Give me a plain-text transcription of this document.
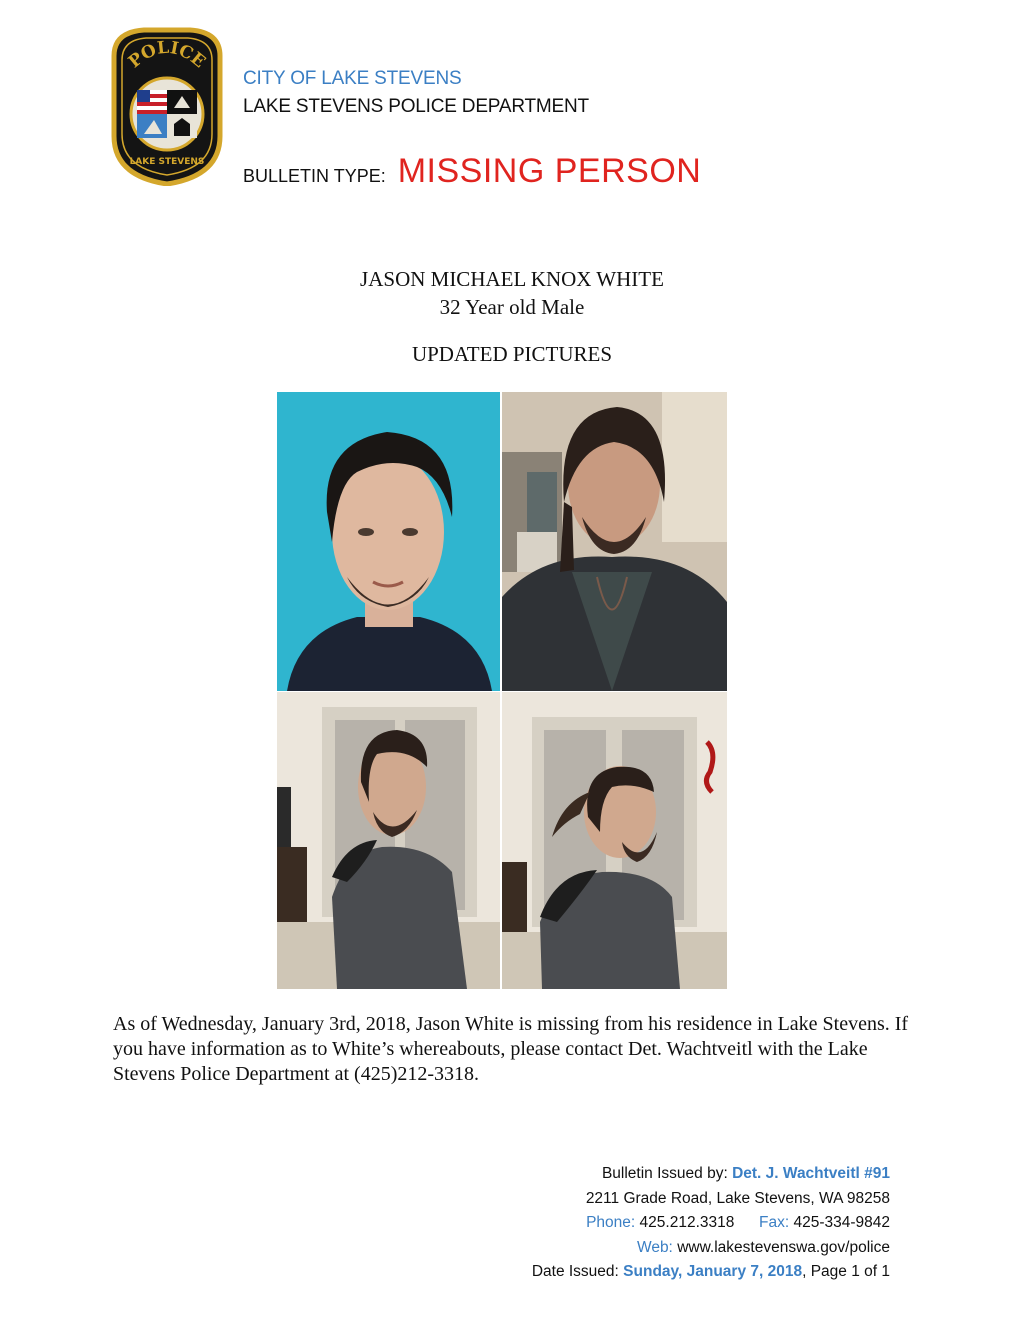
POLICE
LAKE STEVENS
CITY OF LAKE STEVENS
LAKE STEVENS POLICE DEPARTMENT
BULLETIN TYPE: MISSING PERSON
JASON MICHAEL KNOX WHITE
32 Year old Male
UPDATED PICTURES
As of Wednesday, January 3rd, 2018, Jason White is missing from his residence in Lake Stevens. If you have information as to White’s whereabouts, please contact Det. Wachtveitl with the Lake Stevens Police Department at (425)212-3318.
Bulletin Issued by: Det. J. Wachtveitl #91
2211 Grade Road, Lake Stevens, WA 98258
Phone: 425.212.3318 Fax: 425-334-9842
Web: www.lakestevenswa.gov/police
Date Issued: Sunday, January 7, 2018, Page 1 of 1
